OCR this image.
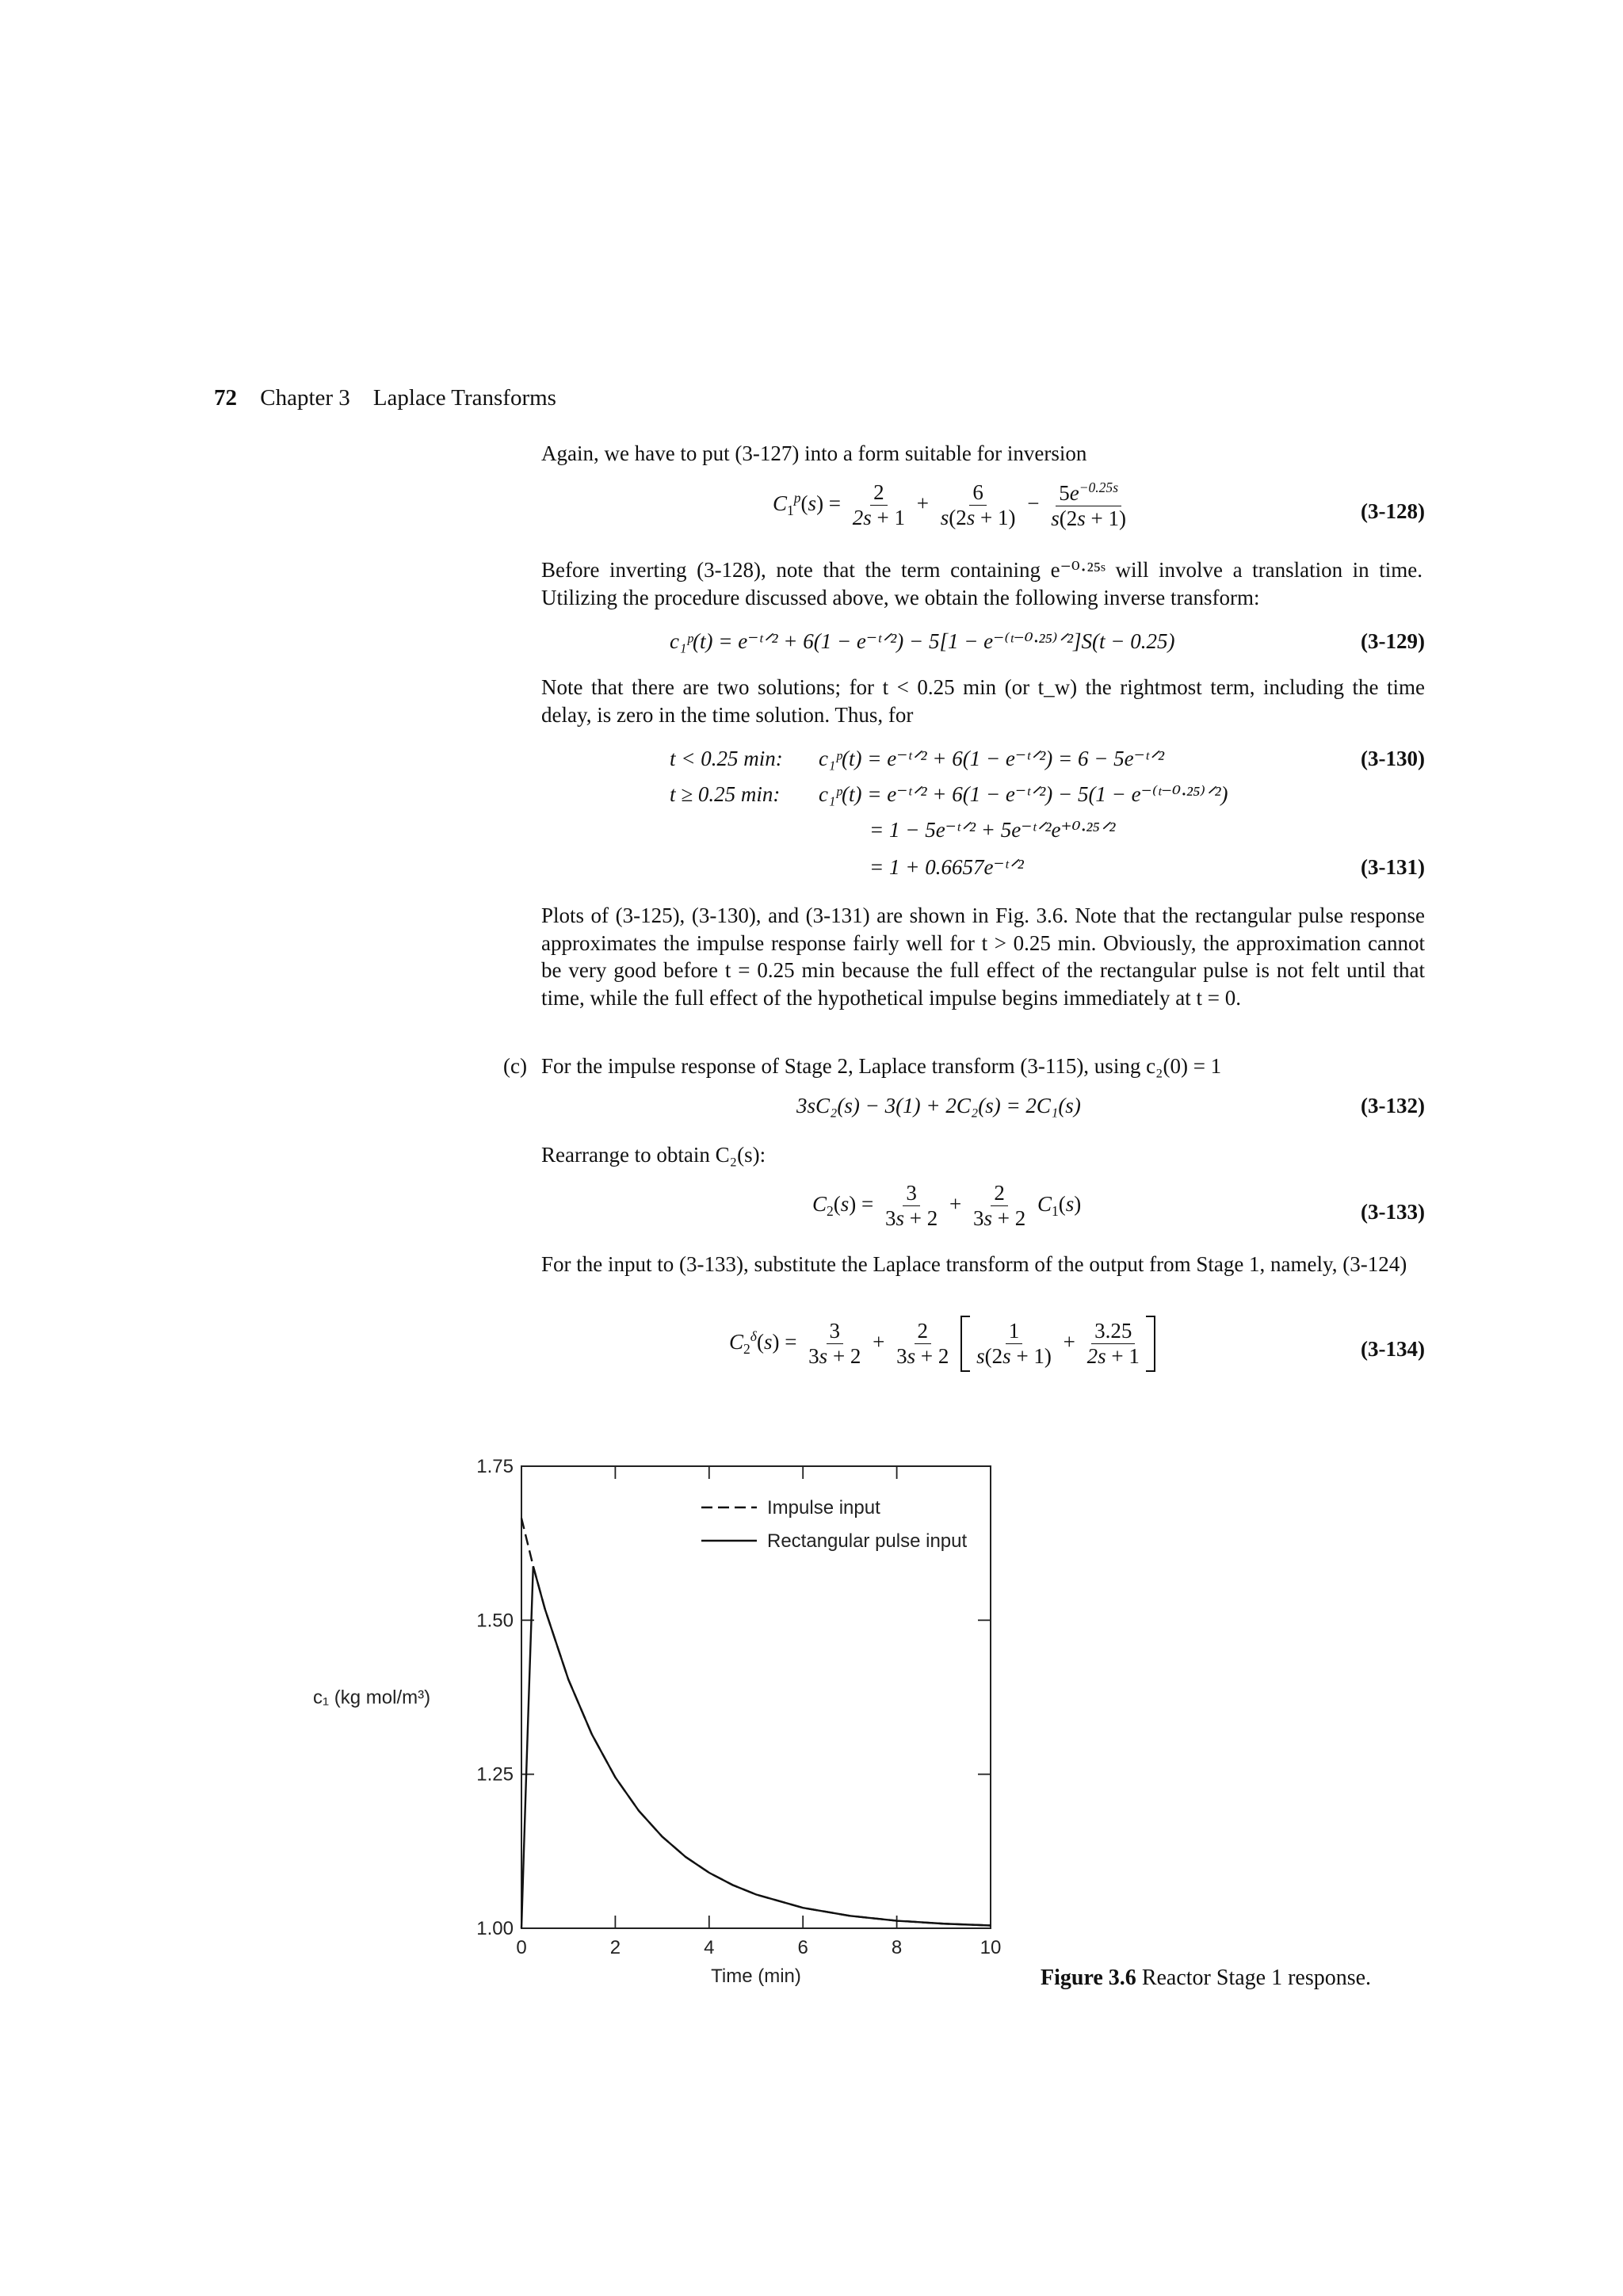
72 Chapter 3 Laplace Transforms
Again, we have to put (3-127) into a form suitable for inversion
$C_1^p(s) = \frac{2}{2s + 1} + \frac{6}{s(2s + 1)} - \frac{5e^{-0.25s}}{s(2s + 1)}$	(3-128)
Before inverting (3-128), note that the term containing e⁻⁰·²⁵ˢ will involve a translation in time. Utilizing the procedure discussed above, we obtain the following inverse transform:
c₁ᵖ(t) = e⁻ᵗᐟ² + 6(1 − e⁻ᵗᐟ²) − 5[1 − e⁻⁽ᵗ⁻⁰·²⁵⁾ᐟ²]S(t − 0.25)	(3-129)
Note that there are two solutions; for t < 0.25 min (or t_w) the rightmost term, including the time delay, is zero in the time solution. Thus, for
t < 0.25 min: c₁ᵖ(t) = e⁻ᵗᐟ² + 6(1 − e⁻ᵗᐟ²) = 6 − 5e⁻ᵗᐟ²	(3-130)
t ≥ 0.25 min: c₁ᵖ(t) = e⁻ᵗᐟ² + 6(1 − e⁻ᵗᐟ²) − 5(1 − e⁻⁽ᵗ⁻⁰·²⁵⁾ᐟ²)
= 1 − 5e⁻ᵗᐟ² + 5e⁻ᵗᐟ²e⁺⁰·²⁵ᐟ²
= 1 + 0.6657e⁻ᵗᐟ²	(3-131)
Plots of (3-125), (3-130), and (3-131) are shown in Fig. 3.6. Note that the rectangular pulse response approximates the impulse response fairly well for t > 0.25 min. Obviously, the approximation cannot be very good before t = 0.25 min because the full effect of the rectangular pulse is not felt until that time, while the full effect of the hypothetical impulse begins immediately at t = 0.
(c) For the impulse response of Stage 2, Laplace transform (3-115), using c₂(0) = 1
3sC₂(s) − 3(1) + 2C₂(s) = 2C₁(s)	(3-132)
Rearrange to obtain C₂(s):
$C_2(s) = \frac{3}{3s + 2} + \frac{2}{3s + 2} C_1(s)$	(3-133)
For the input to (3-133), substitute the Laplace transform of the output from Stage 1, namely, (3-124)
$C_2^\delta(s) = \frac{3}{3s + 2} + \frac{2}{3s + 2}$
$\frac{1}{s(2s + 1)} + \frac{3.25}{2s + 1}$	(3-134)
0	2	4	6	8	10
1.00
1.25
1.50
1.75
Impulse input
Rectangular pulse input
Time (min)
c₁ (kg mol/m³)
Figure 3.6 Reactor Stage 1 response.
